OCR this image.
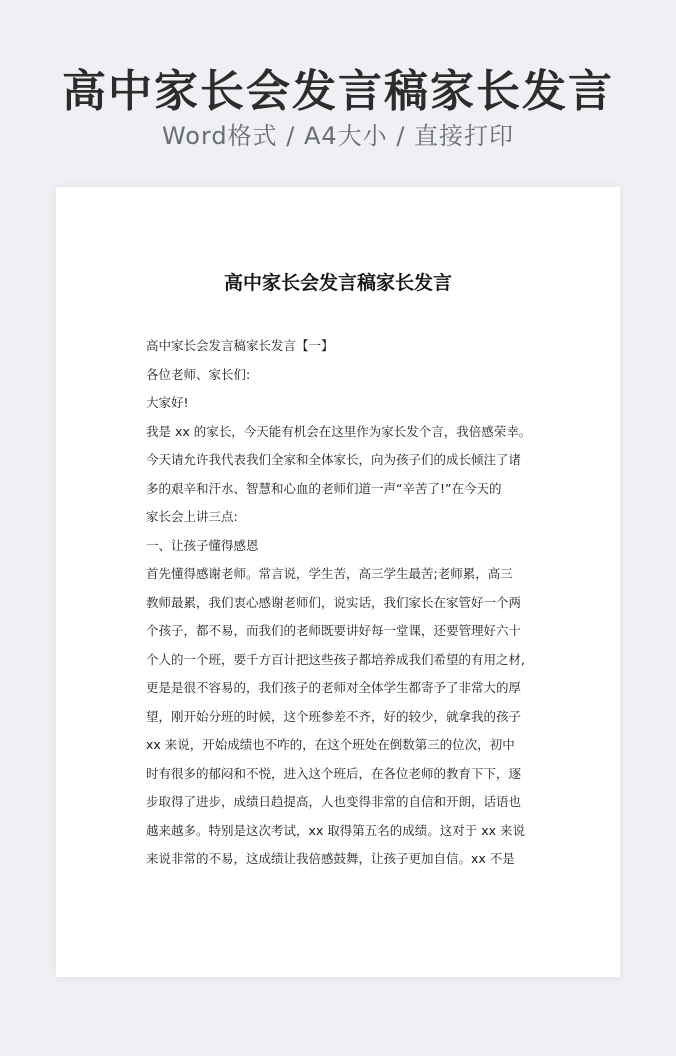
高中家长会发言稿家长发言
Word格式 / A4大小 / 直接打印
高中家长会发言稿家长发言
高中家长会发言稿家长发言【一】
各位老师、家长们:
大家好!
我是 xx 的家长，今天能有机会在这里作为家长发个言，我倍感荣幸。
今天请允许我代表我们全家和全体家长，向为孩子们的成长倾注了诸
多的艰辛和汗水、智慧和心血的老师们道一声“辛苦了!”在今天的
家长会上讲三点:
一、让孩子懂得感恩
首先懂得感谢老师。常言说，学生苦，高三学生最苦;老师累，高三
教师最累，我们衷心感谢老师们，说实话，我们家长在家管好一个两
个孩子，都不易，而我们的老师既要讲好每一堂课，还要管理好六十
个人的一个班，要千方百计把这些孩子都培养成我们希望的有用之材,
更是是很不容易的，我们孩子的老师对全体学生都寄予了非常大的厚
望，刚开始分班的时候，这个班参差不齐，好的较少，就拿我的孩子
xx 来说，开始成绩也不咋的，在这个班处在倒数第三的位次，初中
时有很多的郁闷和不悦，进入这个班后，在各位老师的教育下下，逐
步取得了进步，成绩日趋提高，人也变得非常的自信和开朗，话语也
越来越多。特别是这次考试，xx 取得第五名的成绩。这对于 xx 来说
来说非常的不易，这成绩让我倍感鼓舞，让孩子更加自信。xx 不是
